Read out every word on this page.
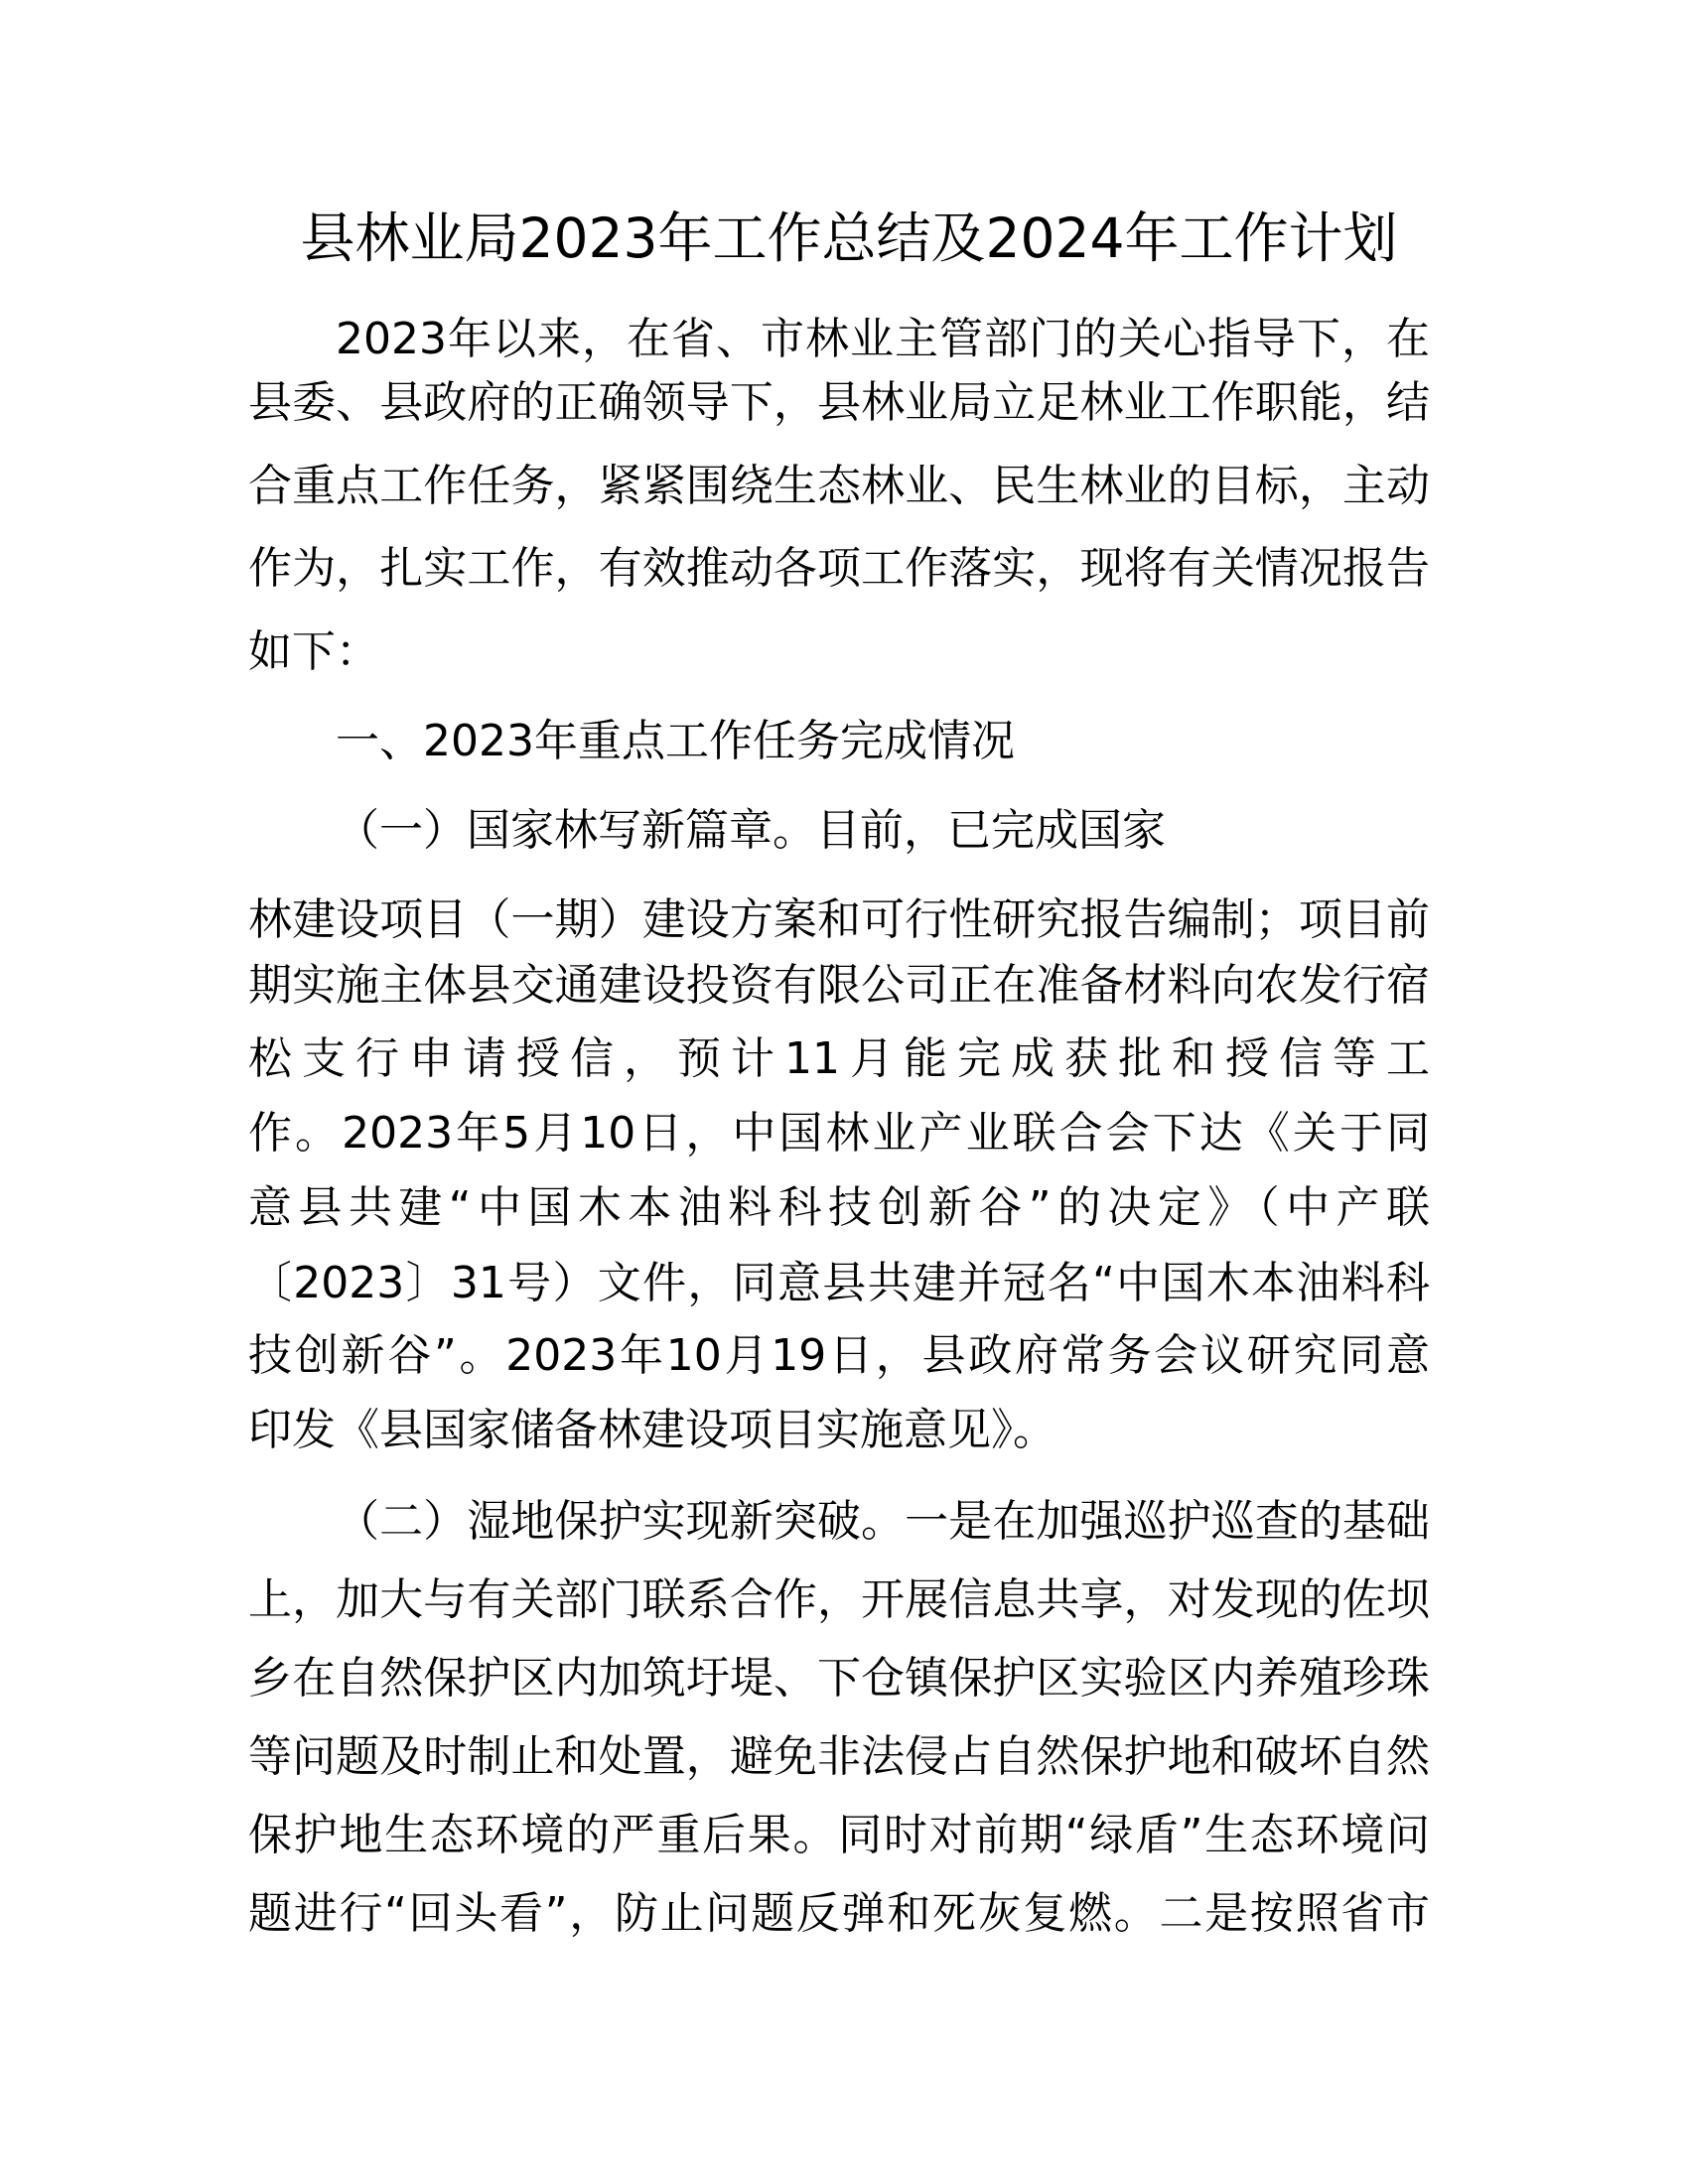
县林业局2023年工作总结及2024年工作计划
2023年以来，在省、市林业主管部门的关心指导下，在
县委、县政府的正确领导下，县林业局立足林业工作职能，结
合重点工作任务，紧紧围绕生态林业、民生林业的目标，主动
作为，扎实工作，有效推动各项工作落实，现将有关情况报告
如下：
一、2023年重点工作任务完成情况
（一）国家林写新篇章。目前，已完成国家
林建设项目（一期）建设方案和可行性研究报告编制；项目前
期实施主体县交通建设投资有限公司正在准备材料向农发行宿
松支行申请授信，预计11月能完成获批和授信等工
作。2023年5月10日，中国林业产业联合会下达《关于同
意县共建“中国木本油料科技创新谷”的决定》（中产联
〔2023〕31号）文件，同意县共建并冠名“中国木本油料科
技创新谷”。2023年10月19日，县政府常务会议研究同意
印发《县国家储备林建设项目实施意见》。
（二）湿地保护实现新突破。一是在加强巡护巡查的基础
上，加大与有关部门联系合作，开展信息共享，对发现的佐坝
乡在自然保护区内加筑圩堤、下仓镇保护区实验区内养殖珍珠
等问题及时制止和处置，避免非法侵占自然保护地和破坏自然
保护地生态环境的严重后果。同时对前期“绿盾”生态环境问
题进行“回头看”，防止问题反弹和死灰复燃。二是按照省市
